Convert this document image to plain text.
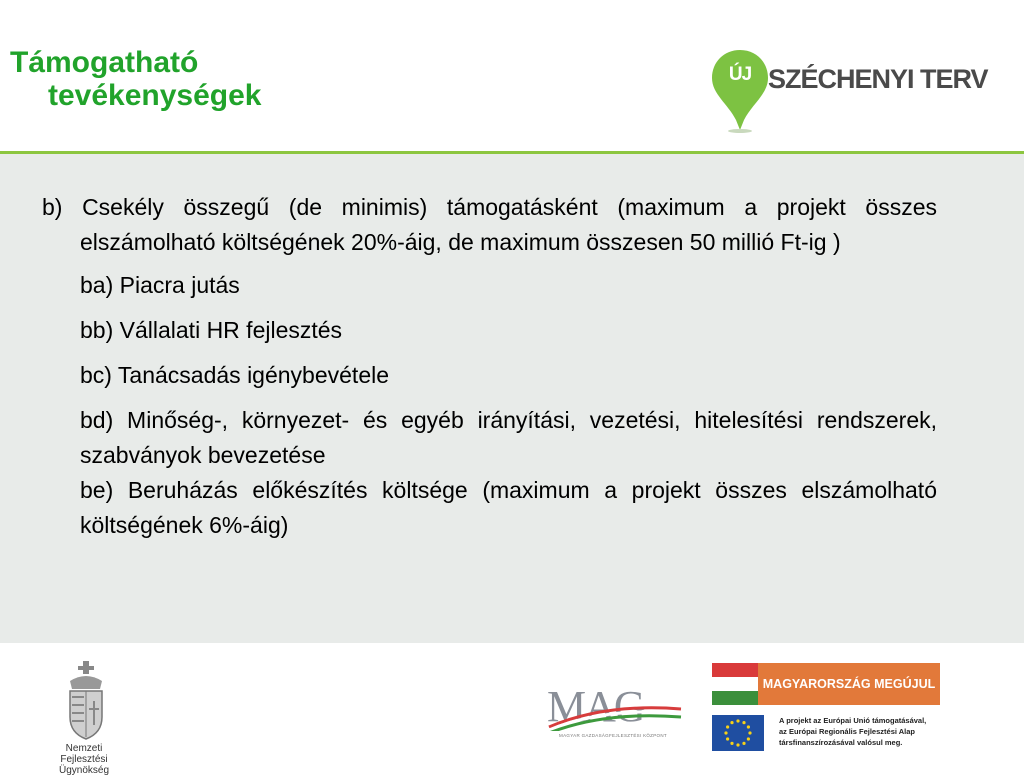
Támogatható
tevékenységek
ÚJ SZÉCHENYI TERV

b) Csekély összegű (de minimis) támogatásként (maximum a projekt összes elszámolható költségének 20%-áig, de maximum összesen 50 millió Ft-ig )

ba) Piacra jutás

bb) Vállalati HR fejlesztés

bc) Tanácsadás igénybevétele

bd) Minőség-, környezet- és egyéb irányítási, vezetési, hitelesítési rendszerek, szabványok bevezetése

be) Beruházás előkészítés költsége (maximum a projekt összes elszámolható költségének 6%-áig)

Nemzeti
Fejlesztési Ügynökség
MAG
MAGYAR GAZDASÁGFEJLESZTÉSI KÖZPONT
MAGYARORSZÁG MEGÚJUL
A projekt az Európai Unió támogatásával,
az Európai Regionális Fejlesztési Alap
társfinanszírozásával valósul meg.
